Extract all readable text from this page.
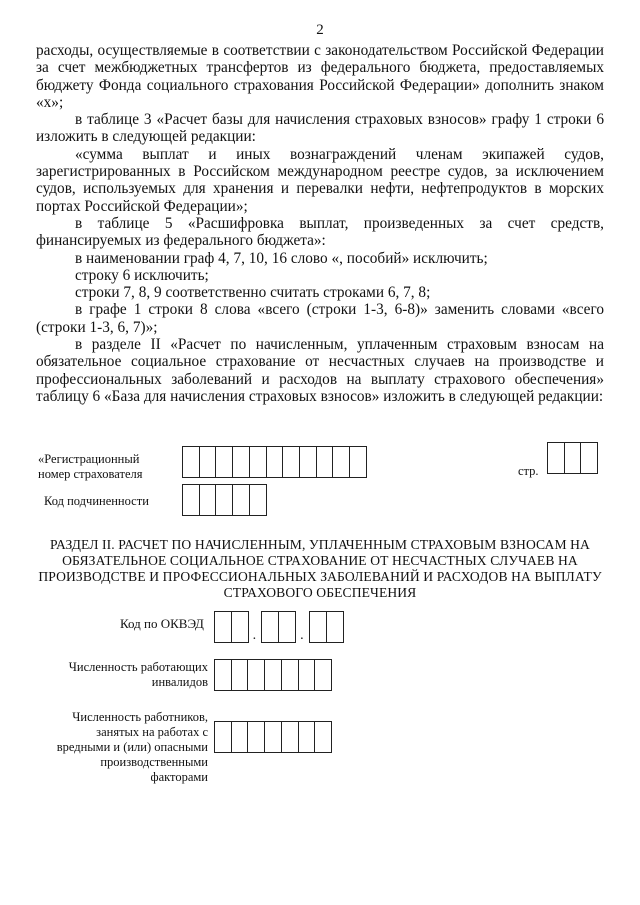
2

расходы, осуществляемые в соответствии с законодательством Российской Федерации за счет межбюджетных трансфертов из федерального бюджета, предоставляемых бюджету Фонда социального страхования Российской Федерации» дополнить знаком «х»;

в таблице 3 «Расчет базы для начисления страховых взносов» графу 1 строки 6 изложить в следующей редакции:

«сумма выплат и иных вознаграждений членам экипажей судов, зарегистрированных в Российском международном реестре судов, за исключением судов, используемых для хранения и перевалки нефти, нефтепродуктов в морских портах Российской Федерации»;

в таблице 5 «Расшифровка выплат, произведенных за счет средств, финансируемых из федерального бюджета»:

в наименовании граф 4, 7, 10, 16 слово «, пособий» исключить;

строку 6 исключить;

строки 7, 8, 9 соответственно считать строками 6, 7, 8;

в графе 1 строки 8 слова «всего (строки 1-3, 6-8)» заменить словами «всего (строки 1-3, 6, 7)»;

в разделе II «Расчет по начисленным, уплаченным страховым взносам на обязательное социальное страхование от несчастных случаев на производстве и профессиональных заболеваний и расходов на выплату страхового обеспечения» таблицу 6 «База для начисления страховых взносов» изложить в следующей редакции:

«Регистрационный
номер страхователя	стр.
Код подчиненности
РАЗДЕЛ II. РАСЧЕТ ПО НАЧИСЛЕННЫМ, УПЛАЧЕННЫМ СТРАХОВЫМ ВЗНОСАМ НА
ОБЯЗАТЕЛЬНОЕ СОЦИАЛЬНОЕ СТРАХОВАНИЕ ОТ НЕСЧАСТНЫХ СЛУЧАЕВ НА
ПРОИЗВОДСТВЕ И ПРОФЕССИОНАЛЬНЫХ ЗАБОЛЕВАНИЙ И РАСХОДОВ НА ВЫПЛАТУ
СТРАХОВОГО ОБЕСПЕЧЕНИЯ
Код по ОКВЭД
.	.
Численность работающих
инвалидов
Численность работников,
занятых на работах с
вредными и (или) опасными
производственными
факторами
